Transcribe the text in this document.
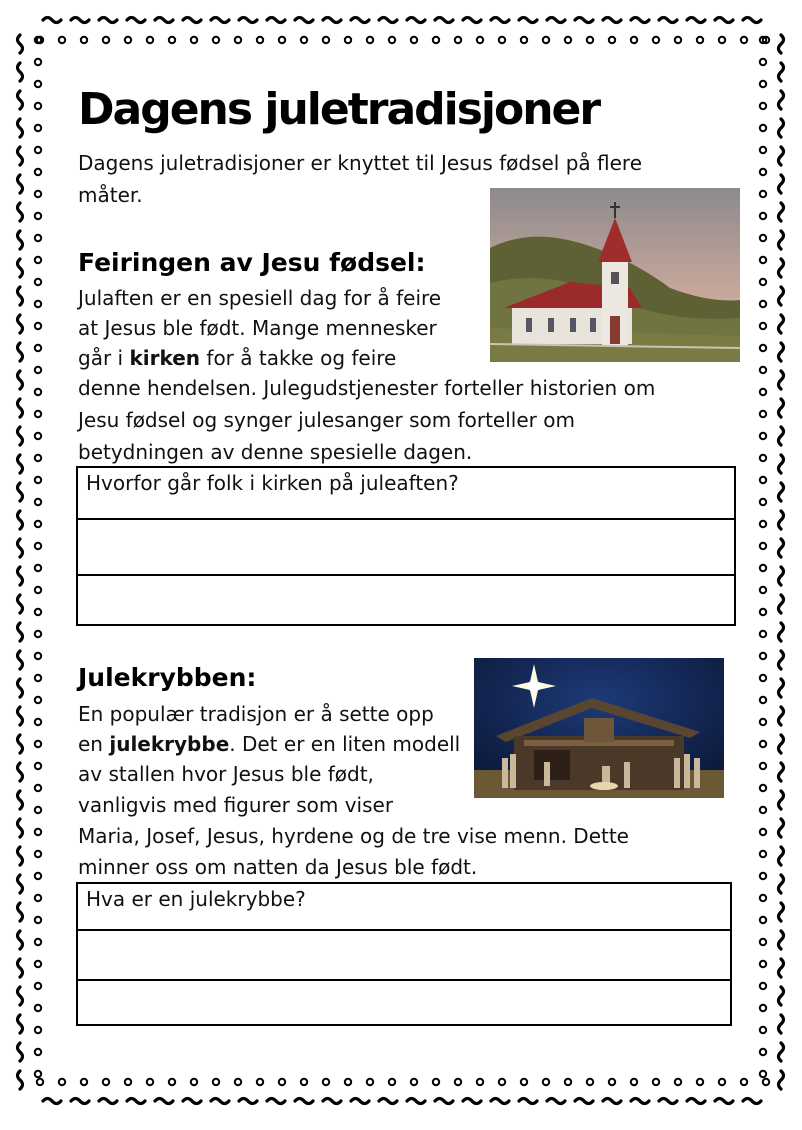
Dagens juletradisjoner

Dagens juletradisjoner er knyttet til Jesus fødsel på flere

måter.

Feiringen av Jesu fødsel:

Julaften er en spesiell dag for å feire

at Jesus ble født. Mange mennesker

går i kirken for å takke og feire

denne hendelsen. Julegudstjenester forteller historien om

Jesu fødsel og synger julesanger som forteller om

betydningen av denne spesielle dagen.

Hvorfor går folk i kirken på juleaften?
Julekrybben:

En populær tradisjon er å sette opp

en julekrybbe. Det er en liten modell

av stallen hvor Jesus ble født,

vanligvis med figurer som viser

Maria, Josef, Jesus, hyrdene og de tre vise menn. Dette

minner oss om natten da Jesus ble født.

Hva er en julekrybbe?
